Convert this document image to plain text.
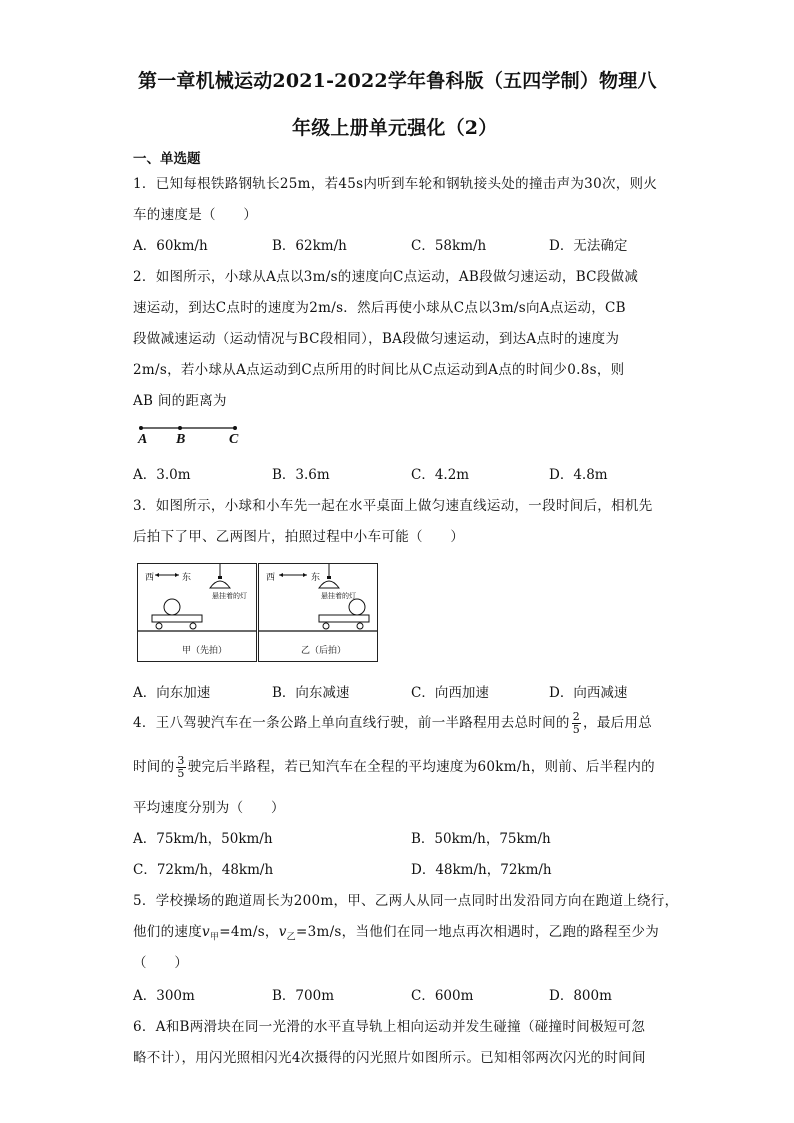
第一章机械运动2021-2022学年鲁科版（五四学制）物理八
年级上册单元强化（2）
一、单选题
1．已知每根铁路钢轨长25m，若45s内听到车轮和钢轨接头处的撞击声为30次，则火
车的速度是（　　）
A．60km/h	B．62km/h	C．58km/h	D．无法确定
2．如图所示，小球从A点以3m/s的速度向C点运动，AB段做匀速运动，BC段做减
速运动，到达C点时的速度为2m/s．然后再使小球从C点以3m/s向A点运动，CB
段做减速运动（运动情况与BC段相同），BA段做匀速运动，到达A点时的速度为
2m/s，若小球从A点运动到C点所用的时间比从C点运动到A点的时间少0.8s，则
AB 间的距离为
A B	C
A．3.0m	B．3.6m	C．4.2m	D．4.8m
3．如图所示，小球和小车先一起在水平桌面上做匀速直线运动，一段时间后，相机先
后拍下了甲、乙两图片，拍照过程中小车可能（　　）
西	东
悬挂着的灯
甲（先拍）
西	东
悬挂着的灯
乙（后拍）
A．向东加速	B．向东减速	C．向西加速	D．向西减速
4．王八驾驶汽车在一条公路上单向直线行驶，前一半路程用去总时间的 $\frac{2}{5}$ ，最后用总
时间的 $\frac{3}{5}$ 驶完后半路程，若已知汽车在全程的平均速度为60km/h，则前、后半程内的
平均速度分别为（　　）
A．75km/h，50km/h	B．50km/h，75km/h
C．72km/h，48km/h	D．48km/h，72km/h
5．学校操场的跑道周长为200m，甲、乙两人从同一点同时出发沿同方向在跑道上绕行，
他们的速度$v_甲=4m/s$，$v_乙=3m/s$，当他们在同一地点再次相遇时，乙跑的路程至少为
（　　）
A．300m	B．700m	C．600m	D．800m
6．A和B两滑块在同一光滑的水平直导轨上相向运动并发生碰撞（碰撞时间极短可忽
略不计），用闪光照相闪光4次摄得的闪光照片如图所示。已知相邻两次闪光的时间间
